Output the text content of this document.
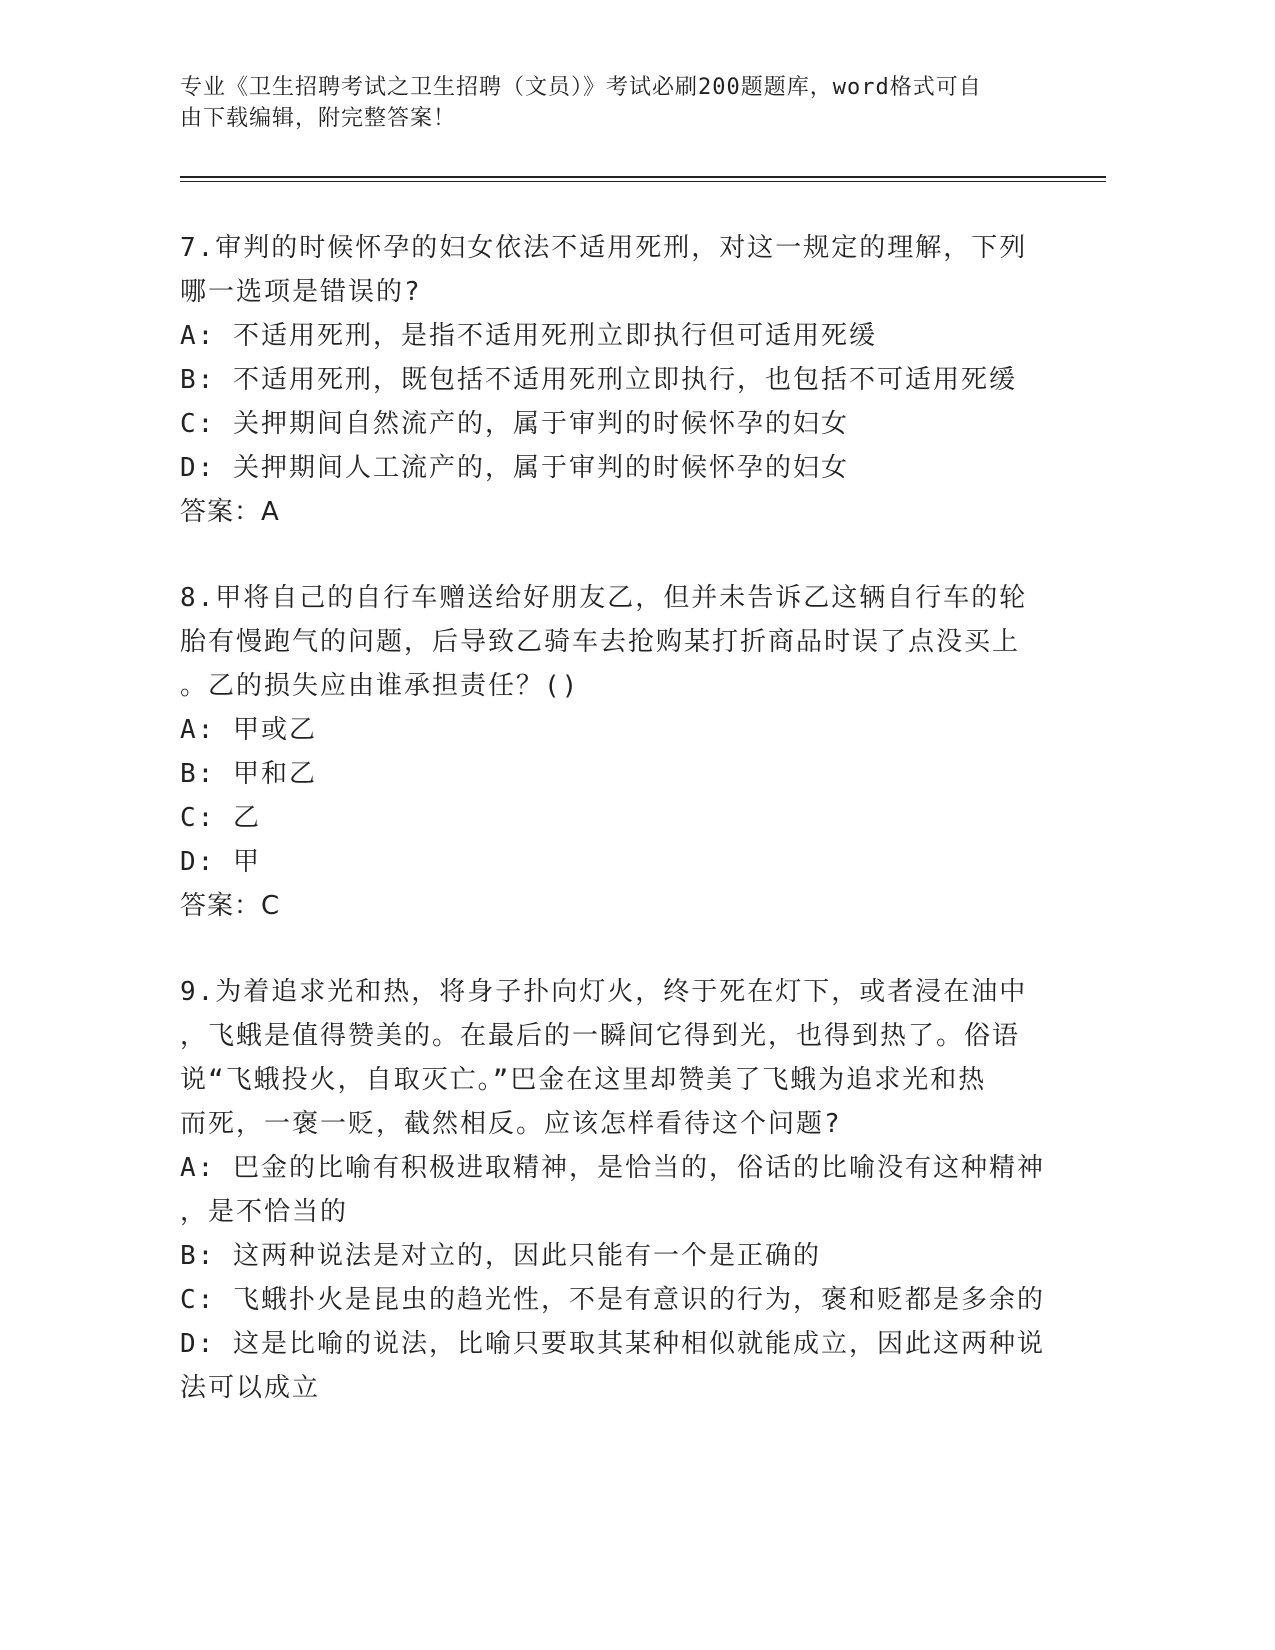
专业《卫生招聘考试之卫生招聘（文员）》考试必刷200题题库，word格式可自
由下载编辑，附完整答案！
7.审判的时候怀孕的妇女依法不适用死刑，对这一规定的理解，下列
哪一选项是错误的?
A: 不适用死刑，是指不适用死刑立即执行但可适用死缓
B: 不适用死刑，既包括不适用死刑立即执行，也包括不可适用死缓
C: 关押期间自然流产的，属于审判的时候怀孕的妇女
D: 关押期间人工流产的，属于审判的时候怀孕的妇女
答案：A
8.甲将自己的自行车赠送给好朋友乙，但并未告诉乙这辆自行车的轮
胎有慢跑气的问题，后导致乙骑车去抢购某打折商品时误了点没买上
。乙的损失应由谁承担责任？()
A: 甲或乙
B: 甲和乙
C: 乙
D: 甲
答案：C
9.为着追求光和热，将身子扑向灯火，终于死在灯下，或者浸在油中
，飞蛾是值得赞美的。在最后的一瞬间它得到光，也得到热了。俗语
说“飞蛾投火，自取灭亡。”巴金在这里却赞美了飞蛾为追求光和热
而死，一褒一贬，截然相反。应该怎样看待这个问题?
A: 巴金的比喻有积极进取精神，是恰当的，俗话的比喻没有这种精神
，是不恰当的
B: 这两种说法是对立的，因此只能有一个是正确的
C: 飞蛾扑火是昆虫的趋光性，不是有意识的行为，褒和贬都是多余的
D: 这是比喻的说法，比喻只要取其某种相似就能成立，因此这两种说
法可以成立
